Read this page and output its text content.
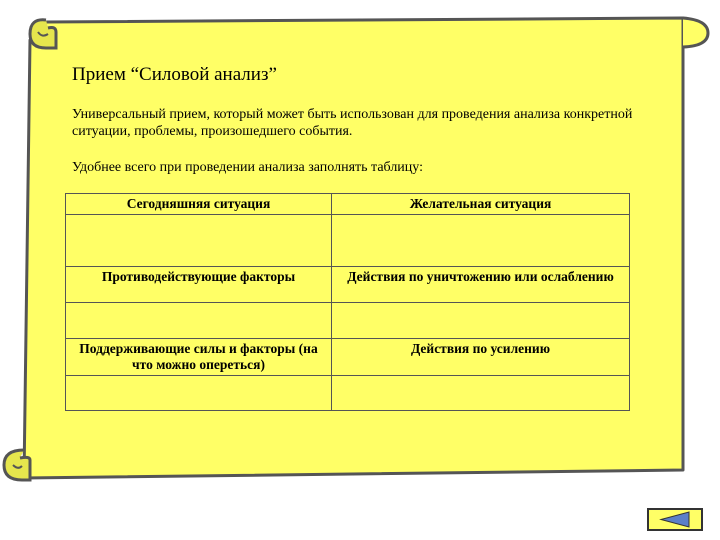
Прием “Силовой анализ”

Универсальный прием, который может быть использован для проведения анализа конкретной ситуации, проблемы, произошедшего события.

Удобнее всего при проведении анализа заполнять таблицу:

Сегодняшняя ситуация	Желательная ситуация

Противодействующие факторы	Действия по уничтожению или ослаблению

Поддерживающие силы и факторы (на что можно опереться)	Действия по усилению
